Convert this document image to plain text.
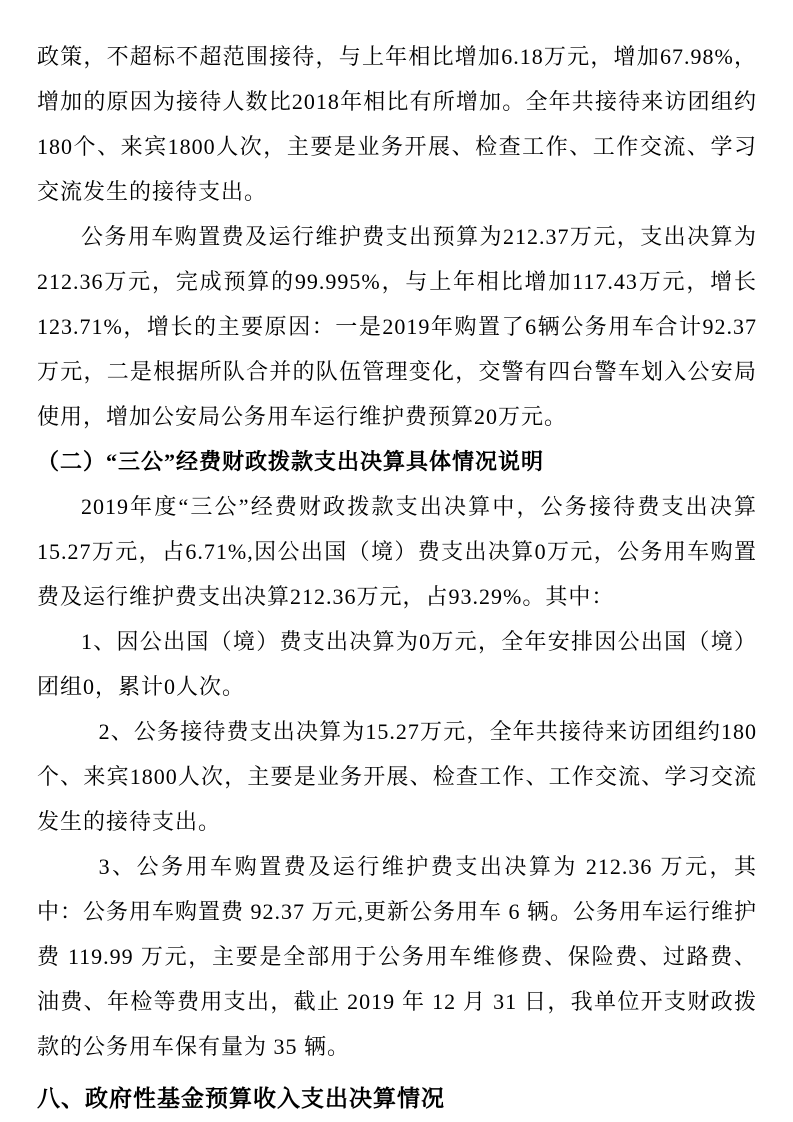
政策，不超标不超范围接待，与上年相比增加6.18万元，增加67.98%，增加的原因为接待人数比2018年相比有所增加。全年共接待来访团组约180个、来宾1800人次，主要是业务开展、检查工作、工作交流、学习交流发生的接待支出。

公务用车购置费及运行维护费支出预算为212.37万元，支出决算为212.36万元，完成预算的99.995%，与上年相比增加117.43万元，增长123.71%，增长的主要原因：一是2019年购置了6辆公务用车合计92.37万元，二是根据所队合并的队伍管理变化，交警有四台警车划入公安局使用，增加公安局公务用车运行维护费预算20万元。

（二）“三公”经费财政拨款支出决算具体情况说明

2019年度“三公”经费财政拨款支出决算中，公务接待费支出决算15.27万元，占6.71%,因公出国（境）费支出决算0万元，公务用车购置费及运行维护费支出决算212.36万元，占93.29%。其中：

1、因公出国（境）费支出决算为0万元，全年安排因公出国（境）团组0，累计0人次。

2、公务接待费支出决算为15.27万元，全年共接待来访团组约180个、来宾1800人次，主要是业务开展、检查工作、工作交流、学习交流发生的接待支出。

3、公务用车购置费及运行维护费支出决算为 212.36 万元，其中：公务用车购置费 92.37 万元,更新公务用车 6 辆。公务用车运行维护费 119.99 万元，主要是全部用于公务用车维修费、保险费、过路费、油费、年检等费用支出，截止 2019 年 12 月 31 日，我单位开支财政拨款的公务用车保有量为 35 辆。

八、政府性基金预算收入支出决算情况
